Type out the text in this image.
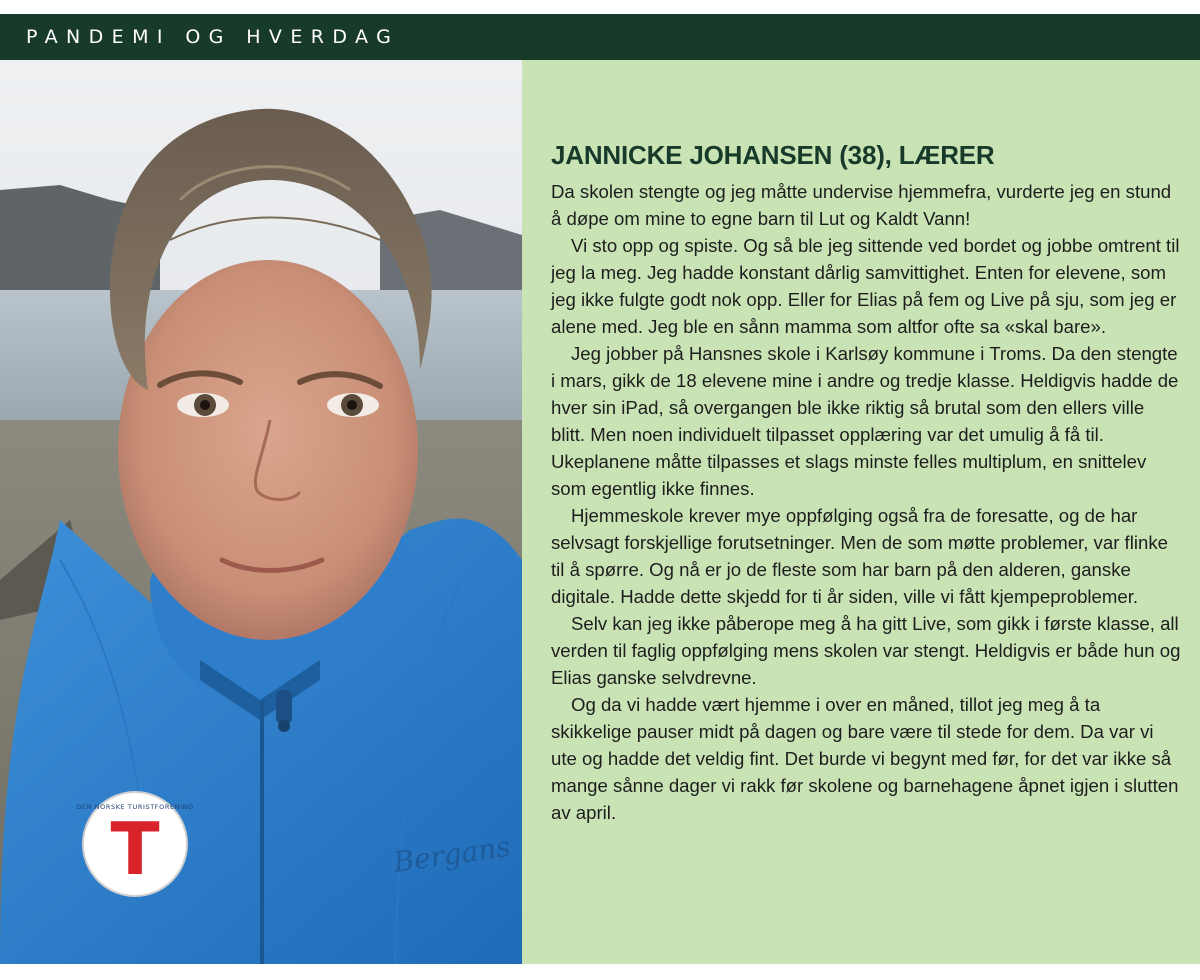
PANDEMI OG HVERDAG
T
DEN NORSKE TURISTFORENING
Bergans
JANNICKE JOHANSEN (38), LÆRER

Da skolen stengte og jeg måtte undervise hjemmefra, vurderte jeg en stund å døpe om mine to egne barn til Lut og Kaldt Vann!

Vi sto opp og spiste. Og så ble jeg sittende ved bordet og jobbe omtrent til jeg la meg. Jeg hadde konstant dårlig samvittighet. Enten for elevene, som jeg ikke fulgte godt nok opp. Eller for Elias på fem og Live på sju, som jeg er alene med. Jeg ble en sånn mamma som altfor ofte sa «skal bare».

Jeg jobber på Hansnes skole i Karlsøy kommune i Troms. Da den stengte i mars, gikk de 18 elevene mine i andre og tredje klasse. Heldigvis hadde de hver sin iPad, så overgangen ble ikke riktig så brutal som den ellers ville blitt. Men noen individuelt tilpasset opplæring var det umulig å få til. Ukeplanene måtte tilpasses et slags minste felles multiplum, en snittelev som egentlig ikke finnes.

Hjemmeskole krever mye oppfølging også fra de foresatte, og de har selvsagt forskjellige forutsetninger. Men de som møtte problemer, var flinke til å spørre. Og nå er jo de fleste som har barn på den alderen, ganske digitale. Hadde dette skjedd for ti år siden, ville vi fått kjempeproblemer.

Selv kan jeg ikke påberope meg å ha gitt Live, som gikk i første klasse, all verden til faglig oppfølging mens skolen var stengt. Heldigvis er både hun og Elias ganske selvdrevne.

Og da vi hadde vært hjemme i over en måned, tillot jeg meg å ta skikkelige pauser midt på dagen og bare være til stede for dem. Da var vi ute og hadde det veldig fint. Det burde vi begynt med før, for det var ikke så mange sånne dager vi rakk før skolene og barnehagene åpnet igjen i slutten av april.
